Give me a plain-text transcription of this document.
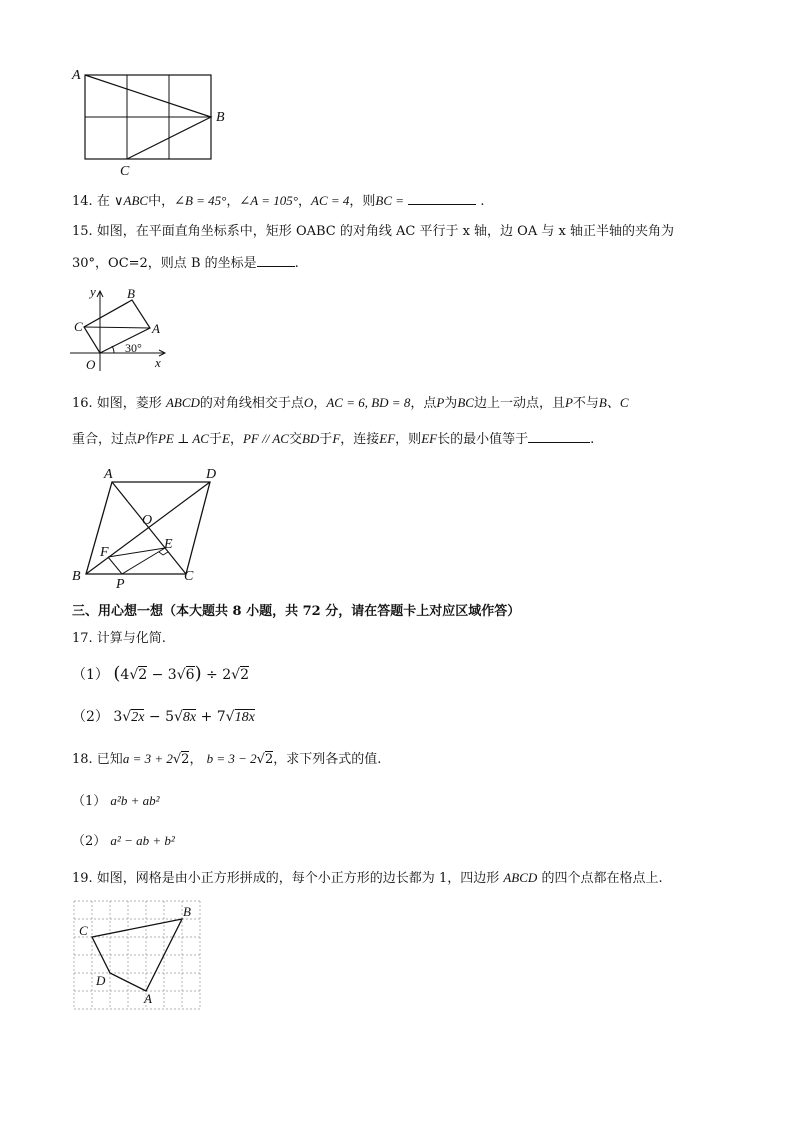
A
B
C
14. 在 ∨ABC中，∠B = 45°，∠A = 105°，AC = 4，则BC =	.
15. 如图，在平面直角坐标系中，矩形 OABC 的对角线 AC 平行于 x 轴，边 OA 与 x 轴正半轴的夹角为
30°，OC=2，则点 B 的坐标是	.
y
x
B
C	A
O
30°
16. 如图，菱形 ABCD的对角线相交于点O，AC = 6, BD = 8，点P为BC边上一动点，且P不与B、C
重合，过点P作PE ⊥ AC于E，PF // AC交BD于F，连接EF，则EF长的最小值等于	.
A	D
O
F
E
B
P
C
三、用心想一想（本大题共 8 小题，共 72 分，请在答题卡上对应区域作答）
17. 计算与化简.
（1） (4√2 − 3√6) ÷ 2√2
（2） 3√2x − 5√8x + 7√18x
18. 已知a = 3 + 2√2， b = 3 − 2√2，求下列各式的值.
（1） a²b + ab²
（2） a² − ab + b²
19. 如图，网格是由小正方形拼成的，每个小正方形的边长都为 1，四边形 ABCD 的四个点都在格点上.
B
C
D
A
